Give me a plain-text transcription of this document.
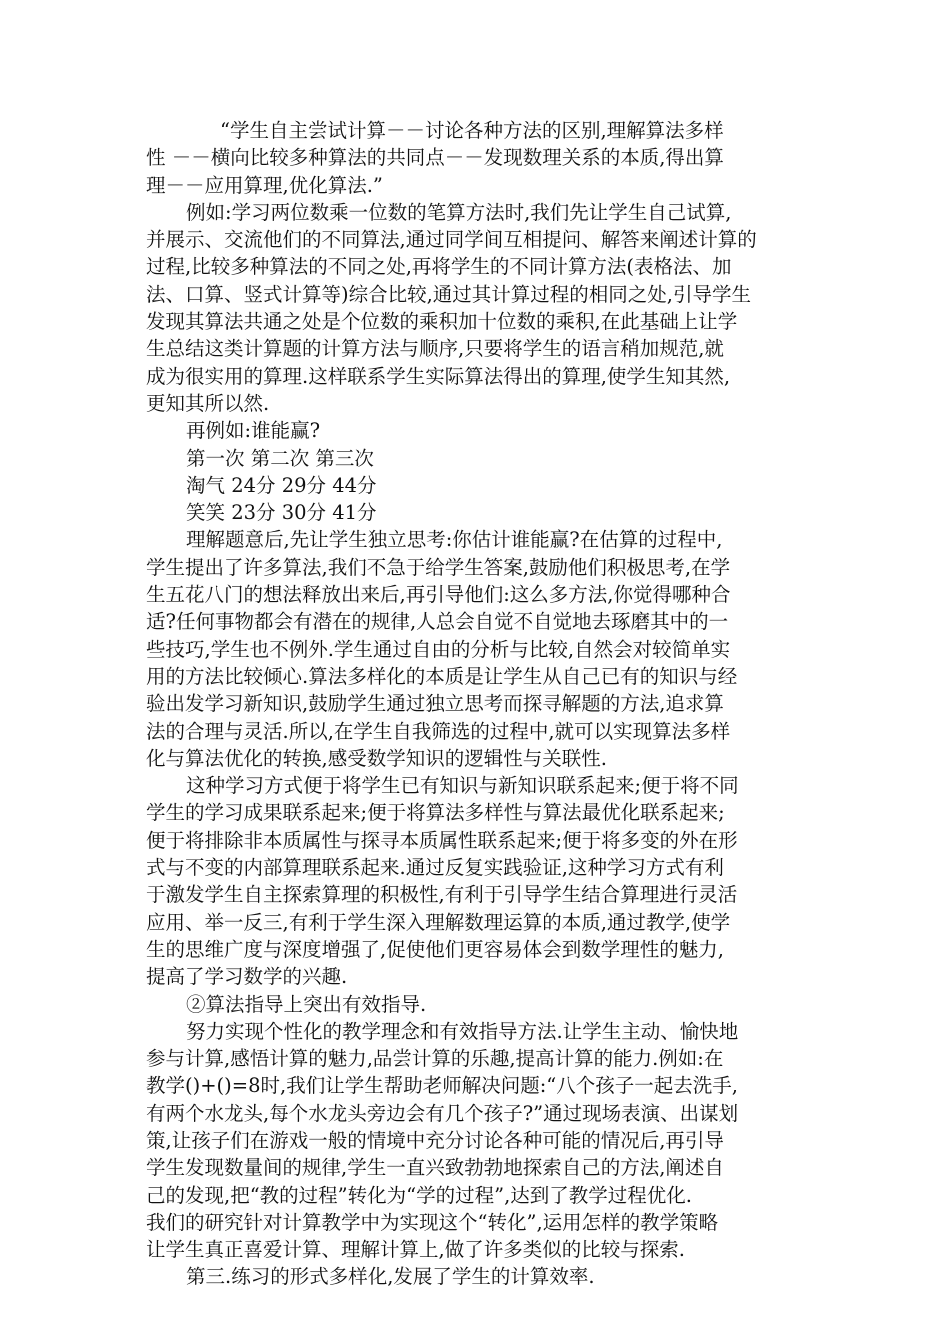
“学生自主尝试计算－－讨论各种方法的区别,理解算法多样
性 －－横向比较多种算法的共同点－－发现数理关系的本质,得出算
理－－应用算理,优化算法.”
例如:学习两位数乘一位数的笔算方法时,我们先让学生自己试算,
并展示、交流他们的不同算法,通过同学间互相提问、解答来阐述计算的
过程,比较多种算法的不同之处,再将学生的不同计算方法(表格法、加
法、口算、竖式计算等)综合比较,通过其计算过程的相同之处,引导学生
发现其算法共通之处是个位数的乘积加十位数的乘积,在此基础上让学
生总结这类计算题的计算方法与顺序,只要将学生的语言稍加规范,就
成为很实用的算理.这样联系学生实际算法得出的算理,使学生知其然,
更知其所以然.
再例如:谁能赢?
第一次 第二次 第三次
淘气 24分 29分 44分
笑笑 23分 30分 41分
理解题意后,先让学生独立思考:你估计谁能赢?在估算的过程中,
学生提出了许多算法,我们不急于给学生答案,鼓励他们积极思考,在学
生五花八门的想法释放出来后,再引导他们:这么多方法,你觉得哪种合
适?任何事物都会有潜在的规律,人总会自觉不自觉地去琢磨其中的一
些技巧,学生也不例外.学生通过自由的分析与比较,自然会对较简单实
用的方法比较倾心.算法多样化的本质是让学生从自己已有的知识与经
验出发学习新知识,鼓励学生通过独立思考而探寻解题的方法,追求算
法的合理与灵活.所以,在学生自我筛选的过程中,就可以实现算法多样
化与算法优化的转换,感受数学知识的逻辑性与关联性.
这种学习方式便于将学生已有知识与新知识联系起来;便于将不同
学生的学习成果联系起来;便于将算法多样性与算法最优化联系起来;
便于将排除非本质属性与探寻本质属性联系起来;便于将多变的外在形
式与不变的内部算理联系起来.通过反复实践验证,这种学习方式有利
于激发学生自主探索算理的积极性,有利于引导学生结合算理进行灵活
应用、举一反三,有利于学生深入理解数理运算的本质,通过教学,使学
生的思维广度与深度增强了,促使他们更容易体会到数学理性的魅力,
提高了学习数学的兴趣.
②算法指导上突出有效指导.
努力实现个性化的教学理念和有效指导方法.让学生主动、愉快地
参与计算,感悟计算的魅力,品尝计算的乐趣,提高计算的能力.例如:在
教学()+()=8时,我们让学生帮助老师解决问题:“八个孩子一起去洗手,
有两个水龙头,每个水龙头旁边会有几个孩子?”通过现场表演、出谋划
策,让孩子们在游戏一般的情境中充分讨论各种可能的情况后,再引导
学生发现数量间的规律,学生一直兴致勃勃地探索自己的方法,阐述自
己的发现,把“教的过程”转化为“学的过程”,达到了教学过程优化.
我们的研究针对计算教学中为实现这个“转化”,运用怎样的教学策略
让学生真正喜爱计算、理解计算上,做了许多类似的比较与探索.
第三.练习的形式多样化,发展了学生的计算效率.
